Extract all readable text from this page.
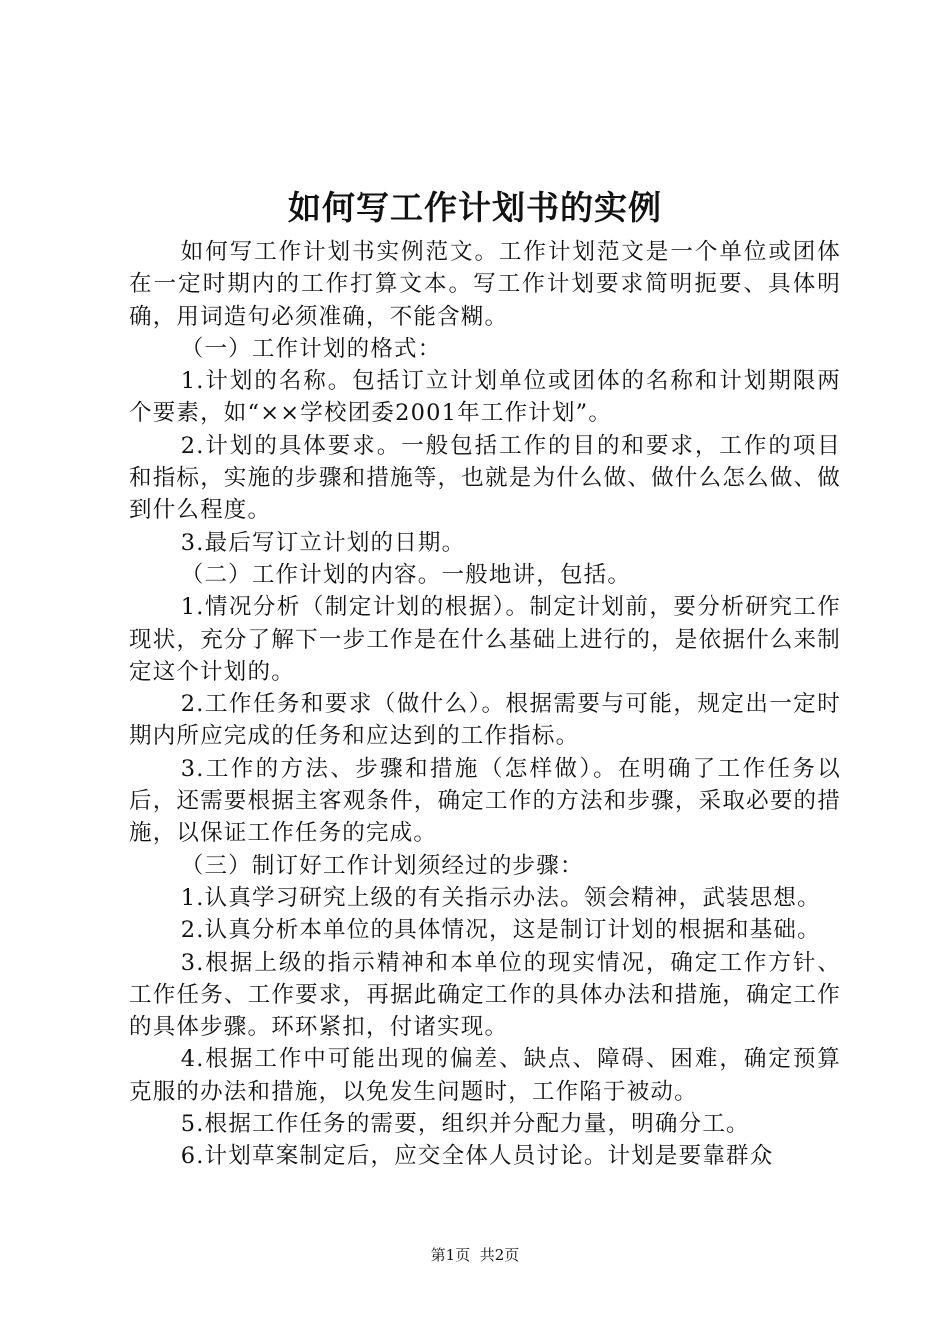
如何写工作计划书的实例

如何写工作计划书实例范文。工作计划范文是一个单位或团体在一定时期内的工作打算文本。写工作计划要求简明扼要、具体明确，用词造句必须准确，不能含糊。

（一）工作计划的格式：

1.计划的名称。包括订立计划单位或团体的名称和计划期限两个要素，如“××学校团委2001年工作计划”。

2.计划的具体要求。一般包括工作的目的和要求，工作的项目和指标，实施的步骤和措施等，也就是为什么做、做什么怎么做、做到什么程度。

3.最后写订立计划的日期。

（二）工作计划的内容。一般地讲，包括。

1.情况分析（制定计划的根据）。制定计划前，要分析研究工作现状，充分了解下一步工作是在什么基础上进行的，是依据什么来制定这个计划的。

2.工作任务和要求（做什么）。根据需要与可能，规定出一定时期内所应完成的任务和应达到的工作指标。

3.工作的方法、步骤和措施（怎样做）。在明确了工作任务以后，还需要根据主客观条件，确定工作的方法和步骤，采取必要的措施，以保证工作任务的完成。

（三）制订好工作计划须经过的步骤：

1.认真学习研究上级的有关指示办法。领会精神，武装思想。

2.认真分析本单位的具体情况，这是制订计划的根据和基础。

3.根据上级的指示精神和本单位的现实情况，确定工作方针、工作任务、工作要求，再据此确定工作的具体办法和措施，确定工作的具体步骤。环环紧扣，付诸实现。

4.根据工作中可能出现的偏差、缺点、障碍、困难，确定预算克服的办法和措施，以免发生问题时，工作陷于被动。

5.根据工作任务的需要，组织并分配力量，明确分工。

6.计划草案制定后，应交全体人员讨论。计划是要靠群众

第1页 共2页
